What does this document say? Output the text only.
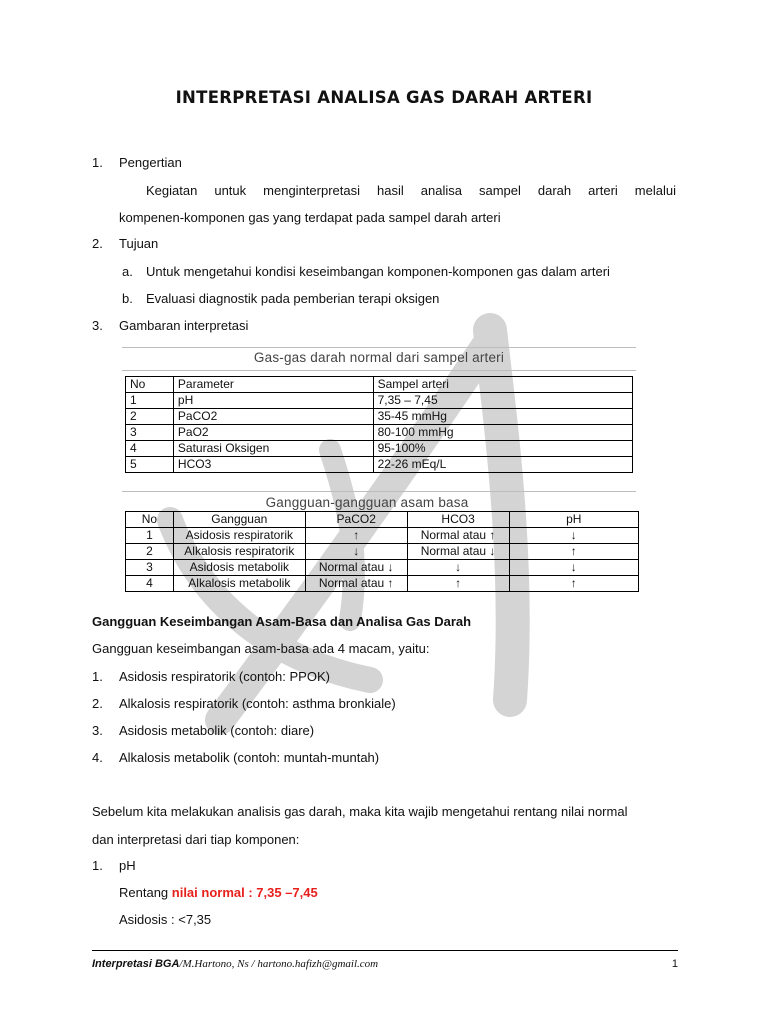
INTERPRETASI ANALISA GAS DARAH ARTERI
1.	Pengertian
Kegiatan untuk menginterpretasi hasil analisa sampel darah arteri melalui
kompenen-komponen gas yang terdapat pada sampel darah arteri
2.	Tujuan
a. Untuk mengetahui kondisi keseimbangan komponen-komponen gas dalam arteri
b. Evaluasi diagnostik pada pemberian terapi oksigen
3.	Gambaran interpretasi
Gas-gas darah normal dari sampel arteri
No	Parameter	Sampel arteri
1	pH	7,35 – 7,45
2	PaCO2	35-45 mmHg
3	PaO2	80-100 mmHg
4	Saturasi Oksigen	95-100%
5	HCO3	22-26 mEq/L
Gangguan-gangguan asam basa
No	Gangguan	PaCO2	HCO3	pH
1	Asidosis respiratorik	↑	Normal atau ↑	↓
2	Alkalosis respiratorik	↓	Normal atau ↓	↑
3	Asidosis metabolik	Normal atau ↓	↓	↓
4	Alkalosis metabolik	Normal atau ↑	↑	↑
Gangguan Keseimbangan Asam-Basa dan Analisa Gas Darah
Gangguan keseimbangan asam-basa ada 4 macam, yaitu:
1.	Asidosis respiratorik (contoh: PPOK)
2.	Alkalosis respiratorik (contoh: asthma bronkiale)
3.	Asidosis metabolik (contoh: diare)
4.	Alkalosis metabolik (contoh: muntah-muntah)
Sebelum kita melakukan analisis gas darah, maka kita wajib mengetahui rentang nilai normal
dan interpretasi dari tiap komponen:
1.	pH
Rentang nilai normal : 7,35 –7,45
Asidosis : <7,35
Interpretasi BGA/M.Hartono, Ns / hartono.hafizh@gmail.com	1
